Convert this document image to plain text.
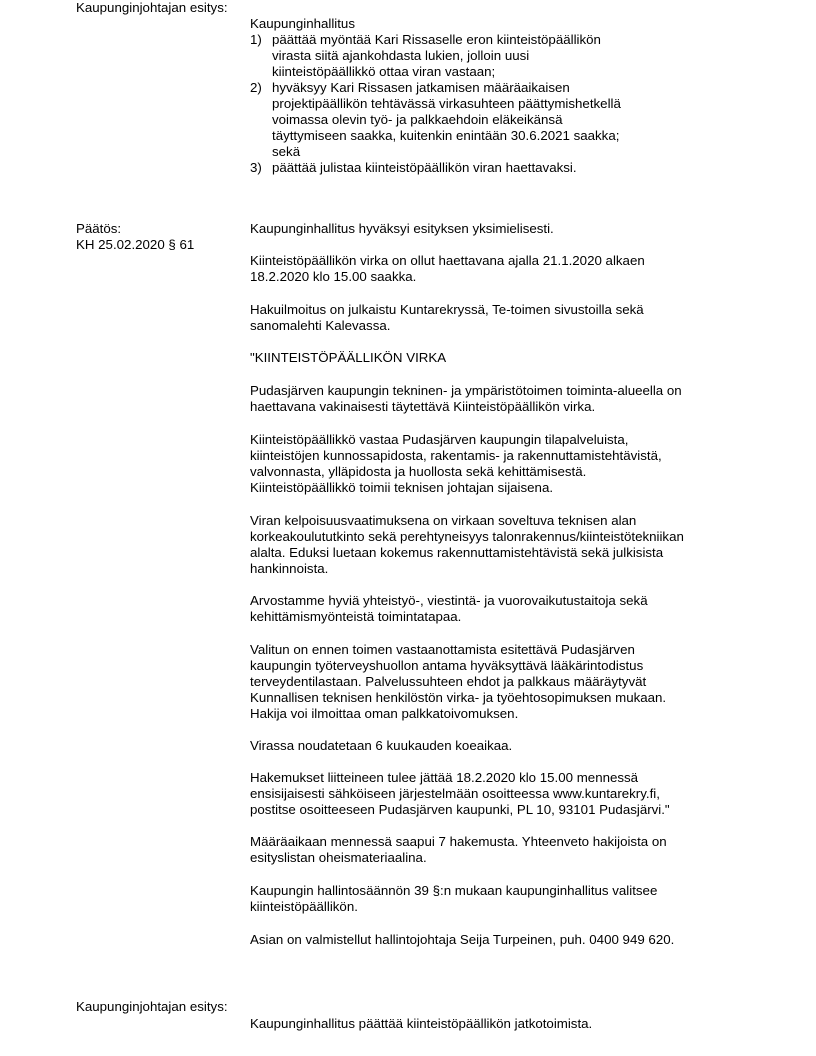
Kaupunginjohtajan esitys:

Kaupunginhallitus

1) päättää myöntää Kari Rissaselle eron kiinteistöpäällikön
virasta siitä ajankohdasta lukien, jolloin uusi
kiinteistöpäällikkö ottaa viran vastaan;
2) hyväksyy Kari Rissasen jatkamisen määräaikaisen
projektipäällikön tehtävässä virkasuhteen päättymishetkellä
voimassa olevin työ- ja palkkaehdoin eläkeikänsä
täyttymiseen saakka, kuitenkin enintään 30.6.2021 saakka;
sekä
3) päättää julistaa kiinteistöpäällikön viran haettavaksi.
Päätös:
KH 25.02.2020 § 61

Kaupunginhallitus hyväksyi esityksen yksimielisesti.

Kiinteistöpäällikön virka on ollut haettavana ajalla 21.1.2020 alkaen
18.2.2020 klo 15.00 saakka.

Hakuilmoitus on julkaistu Kuntarekryssä, Te-toimen sivustoilla sekä
sanomalehti Kalevassa.

"KIINTEISTÖPÄÄLLIKÖN VIRKA

Pudasjärven kaupungin tekninen- ja ympäristötoimen toiminta-alueella on
haettavana vakinaisesti täytettävä Kiinteistöpäällikön virka.

Kiinteistöpäällikkö vastaa Pudasjärven kaupungin tilapalveluista,
kiinteistöjen kunnossapidosta, rakentamis- ja rakennuttamistehtävistä,
valvonnasta, ylläpidosta ja huollosta sekä kehittämisestä.
Kiinteistöpäällikkö toimii teknisen johtajan sijaisena.

Viran kelpoisuusvaatimuksena on virkaan soveltuva teknisen alan
korkeakoulututkinto sekä perehtyneisyys talonrakennus/kiinteistötekniikan
alalta. Eduksi luetaan kokemus rakennuttamistehtävistä sekä julkisista
hankinnoista.

Arvostamme hyviä yhteistyö-, viestintä- ja vuorovaikutustaitoja sekä
kehittämismyönteistä toimintatapaa.

Valitun on ennen toimen vastaanottamista esitettävä Pudasjärven
kaupungin työterveyshuollon antama hyväksyttävä lääkärintodistus
terveydentilastaan. Palvelussuhteen ehdot ja palkkaus määräytyvät
Kunnallisen teknisen henkilöstön virka- ja työehtosopimuksen mukaan.
Hakija voi ilmoittaa oman palkkatoivomuksen.

Virassa noudatetaan 6 kuukauden koeaikaa.

Hakemukset liitteineen tulee jättää 18.2.2020 klo 15.00 mennessä
ensisijaisesti sähköiseen järjestelmään osoitteessa www.kuntarekry.fi,
postitse osoitteeseen Pudasjärven kaupunki, PL 10, 93101 Pudasjärvi."

Määräaikaan mennessä saapui 7 hakemusta. Yhteenveto hakijoista on
esityslistan oheismateriaalina.

Kaupungin hallintosäännön 39 §:n mukaan kaupunginhallitus valitsee
kiinteistöpäällikön.

Asian on valmistellut hallintojohtaja Seija Turpeinen, puh. 0400 949 620.

Kaupunginjohtajan esitys:

Kaupunginhallitus päättää kiinteistöpäällikön jatkotoimista.
